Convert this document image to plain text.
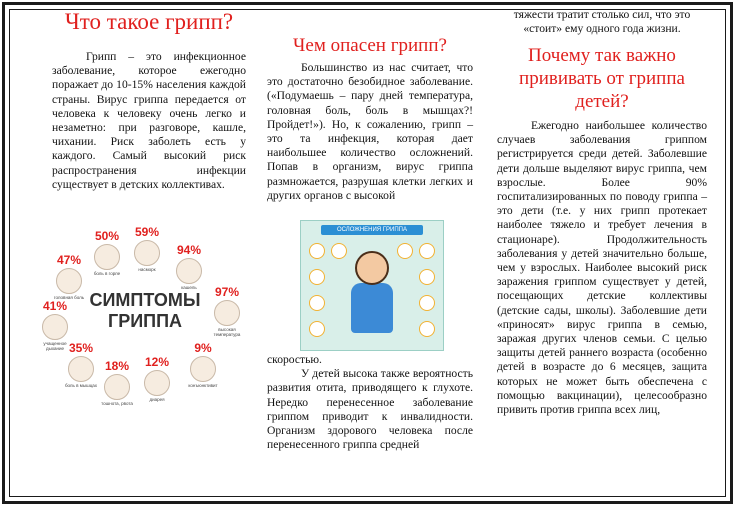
Что такое грипп?

Грипп – это инфекционное заболевание, которое ежегодно поражает до 10-15% населения каждой страны. Вирус гриппа передается от человека к человеку очень легко и незаметно: при разговоре, кашле, чихании. Риск заболеть есть у каждого. Самый высокий риск распространения инфекции существует в детских коллективах.

СИМПТОМЫ
ГРИППА
50%
боль в горле
59%
насморк
94%
кашель	97%
высокая температура
9%
конъюнктивит
12%
диарея
18%
тошнота, рвота
35%
боль в мышцах
41%
учащенное дыхание
47%
головная боль
Чем опасен грипп?

Большинство из нас считает, что это достаточно безобидное заболевание. («Подумаешь – пару дней температура, головная боль, боль в мышцах?! Пройдет!»). Но, к сожалению, грипп – это та инфекция, которая дает наибольшее количество осложнений. Попав в организм, вирус гриппа размножается, разрушая клетки легких и других органов с высокой

ОСЛОЖНЕНИЯ ГРИППА

скоростью.

У детей высока также вероятность развития отита, приводящего к глухоте. Нередко перенесенное заболевание гриппом приводит к инвалидности. Организм здорового человека после перенесенного гриппа средней

тяжести тратит столько сил, что это «стоит» ему одного года жизни.

Почему так важно прививать от гриппа детей?

Ежегодно наибольшее количество случаев заболевания гриппом регистрируется среди детей. Заболевшие дети дольше выделяют вирус гриппа, чем взрослые. Более 90% госпитализированных по поводу гриппа – это дети (т.е. у них грипп протекает наиболее тяжело и требует лечения в стационаре). Продолжительность заболевания у детей значительно больше, чем у взрослых. Наиболее высокий риск заражения гриппом существует у детей, посещающих детские коллективы (детские сады, школы). Заболевшие дети «приносят» вирус гриппа в семью, заражая других членов семьи. С целью защиты детей раннего возраста (особенно детей в возрасте до 6 месяцев, защита которых не может быть обеспечена с помощью вакцинации), целесообразно привить против гриппа всех лиц,
